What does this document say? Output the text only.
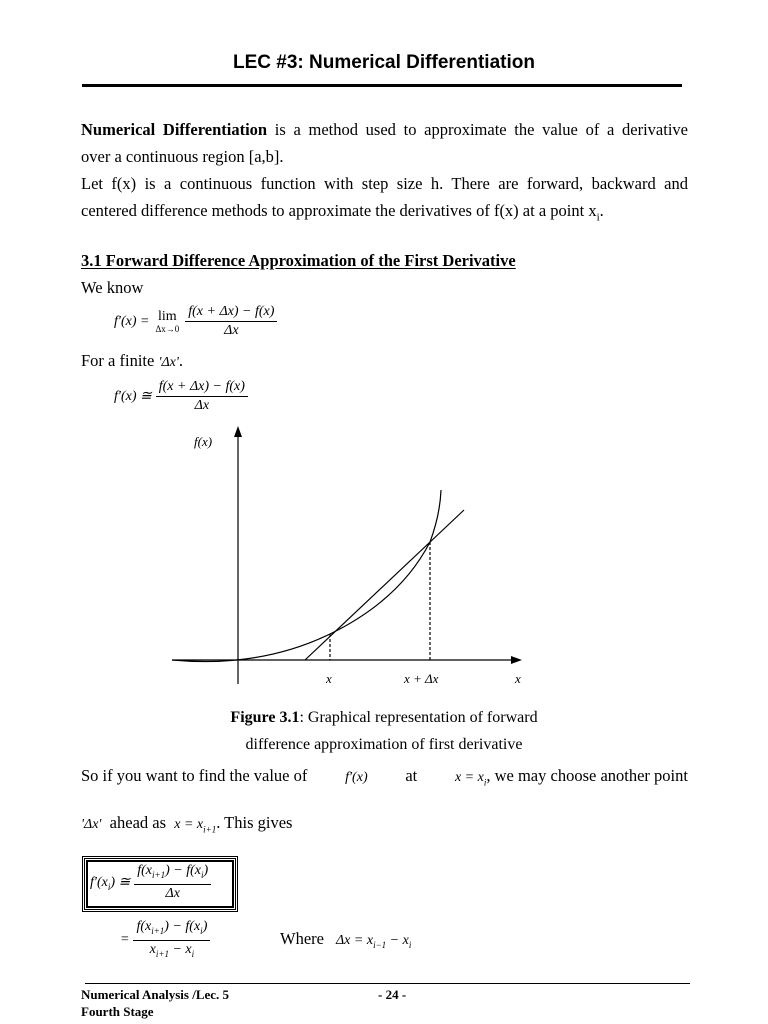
LEC #3: Numerical Differentiation
Numerical Differentiation is a method used to approximate the value of a derivative
over a continuous region [a,b].
Let f(x) is a continuous function with step size h. There are forward, backward and
centered difference methods to approximate the derivatives of f(x) at a point $x_i$.
3.1 Forward Difference Approximation of the First Derivative
We know
f′(x) = lim
$\Delta x\to 0 \frac{f(x + \Delta x) - f(x)}{\Delta x}$
For a finite 'Δx'.
f′(x) ≅ $\frac{f(x + \Delta x) - f(x)}{\Delta x}$
f(x)
x	x + Δx	x
Figure 3.1: Graphical representation of forward
difference approximation of first derivative
So if you want to find the value of	f′(x) at	$x = x_i$, we may choose another point
'Δx' ahead as $x = x_{i+1}$. This gives
$f'(x_i)$ ≅ $\frac{f(x_{i+1}) - f(x_i)}{\Delta x}$
= $\frac{f(x_{i+1}) - f(x_i)}{x_{i+1} - x_i}$	Where $\Delta x = x_{i-1} - x_i$
Numerical Analysis /Lec. 5	- 24 -
Fourth Stage
